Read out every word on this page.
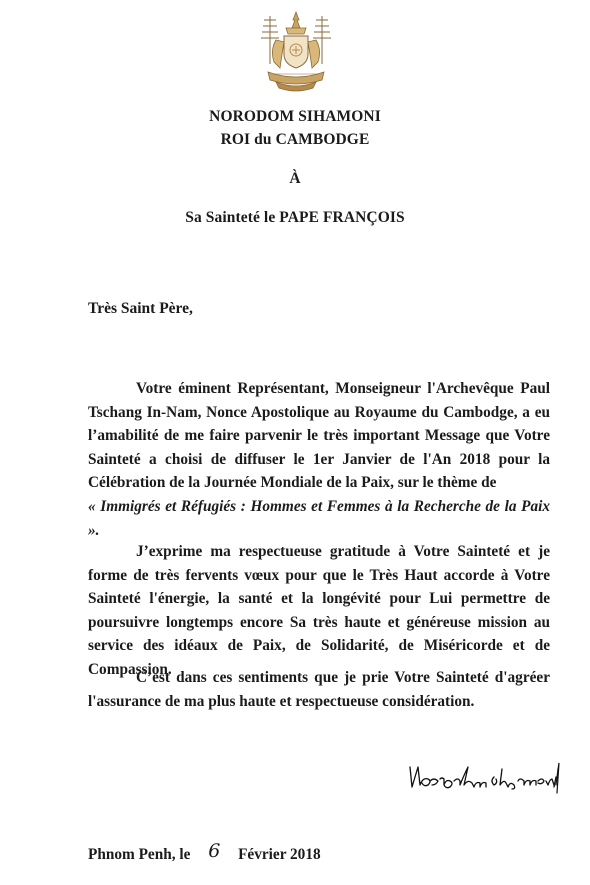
NORODOM SIHAMONI
ROI du CAMBODGE
À
Sa Sainteté le PAPE FRANÇOIS
Très Saint Père,

Votre éminent Représentant, Monseigneur l'Archevêque Paul Tschang In-Nam, Nonce Apostolique au Royaume du Cambodge, a eu l’amabilité de me faire parvenir le très important Message que Votre Sainteté a choisi de diffuser le 1er Janvier de l'An 2018 pour la Célébration de la Journée Mondiale de la Paix, sur le thème de
« Immigrés et Réfugiés : Hommes et Femmes à la Recherche de la Paix ».

J’exprime ma respectueuse gratitude à Votre Sainteté et je forme de très fervents vœux pour que le Très Haut accorde à Votre Sainteté l'énergie, la santé et la longévité pour Lui permettre de poursuivre longtemps encore Sa très haute et généreuse mission au service des idéaux de Paix, de Solidarité, de Miséricorde et de Compassion.

C’est dans ces sentiments que je prie Votre Sainteté d'agréer l'assurance de ma plus haute et respectueuse considération.

Phnom Penh, le 6 Février 2018
